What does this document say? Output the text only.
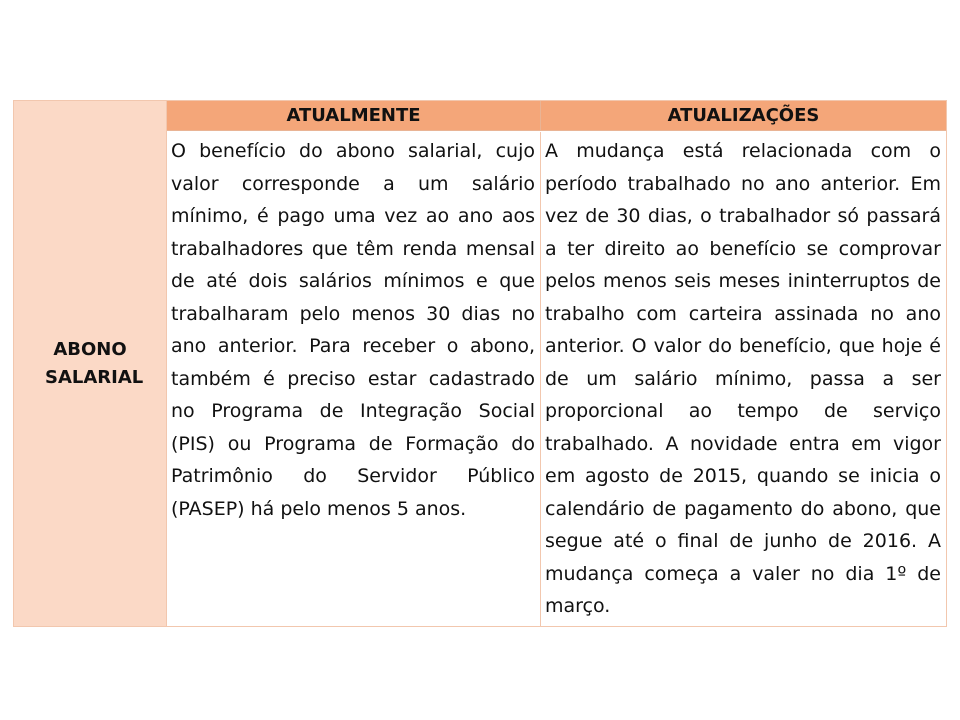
ABONO SALARIAL
ATUALMENTE	ATUALIZAÇÕES
O benefício do abono salarial, cujo valor corresponde a um salário mínimo, é pago uma vez ao ano aos trabalhadores que têm renda mensal de até dois salários mínimos e que trabalharam pelo menos 30 dias no ano anterior. Para receber o abono, também é preciso estar cadastrado no Programa de Integração Social (PIS) ou Programa de Formação do Patrimônio do Servidor Público (PASEP) há pelo menos 5 anos.
A mudança está relacionada com o período trabalhado no ano anterior. Em vez de 30 dias, o trabalhador só passará a ter direito ao benefício se comprovar pelos menos seis meses ininterruptos de trabalho com carteira assinada no ano anterior. O valor do benefício, que hoje é de um salário mínimo, passa a ser proporcional ao tempo de serviço trabalhado. A novidade entra em vigor em agosto de 2015, quando se inicia o calendário de pagamento do abono, que segue até o final de junho de 2016. A mudança começa a valer no dia 1º de março.
